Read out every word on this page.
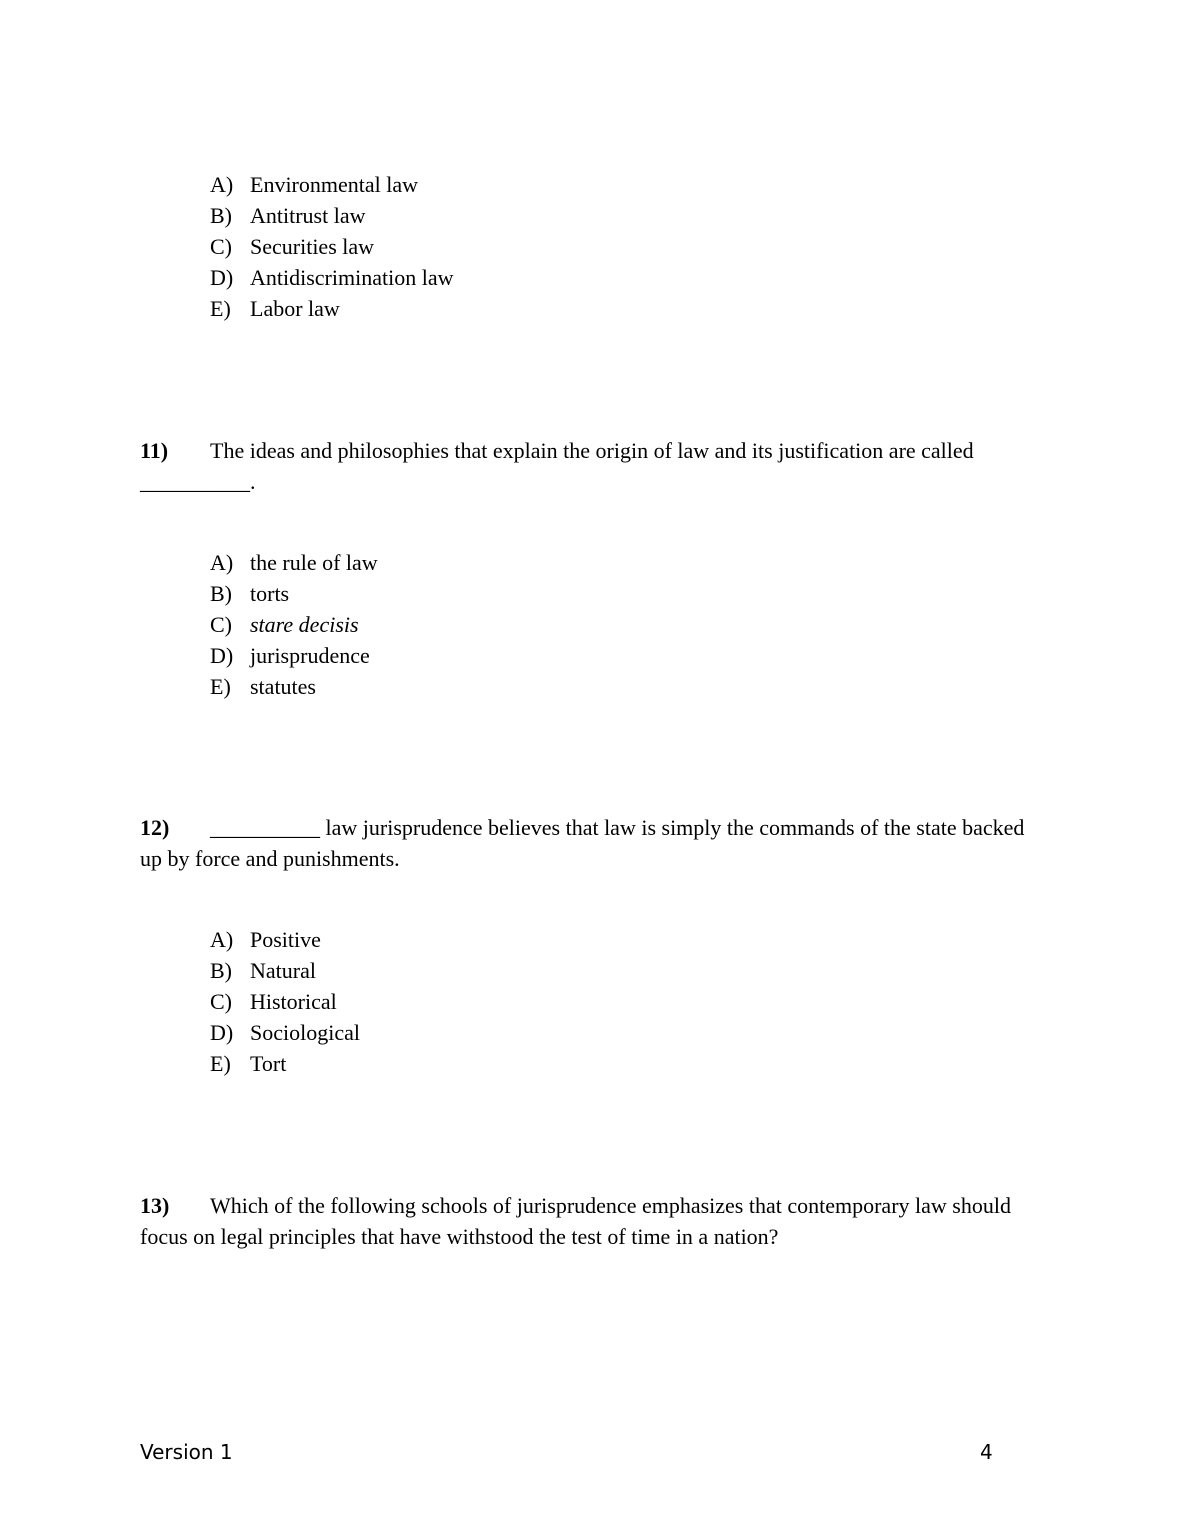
A) Environmental law
B) Antitrust law
C) Securities law
D) Antidiscrimination law
E) Labor law
11) The ideas and philosophies that explain the origin of law and its justification are called __________.
A) the rule of law
B) torts
C) stare decisis
D) jurisprudence
E) statutes
12) __________ law jurisprudence believes that law is simply the commands of the state backed up by force and punishments.
A) Positive
B) Natural
C) Historical
D) Sociological
E) Tort
13) Which of the following schools of jurisprudence emphasizes that contemporary law should focus on legal principles that have withstood the test of time in a nation?
Version 1	4
